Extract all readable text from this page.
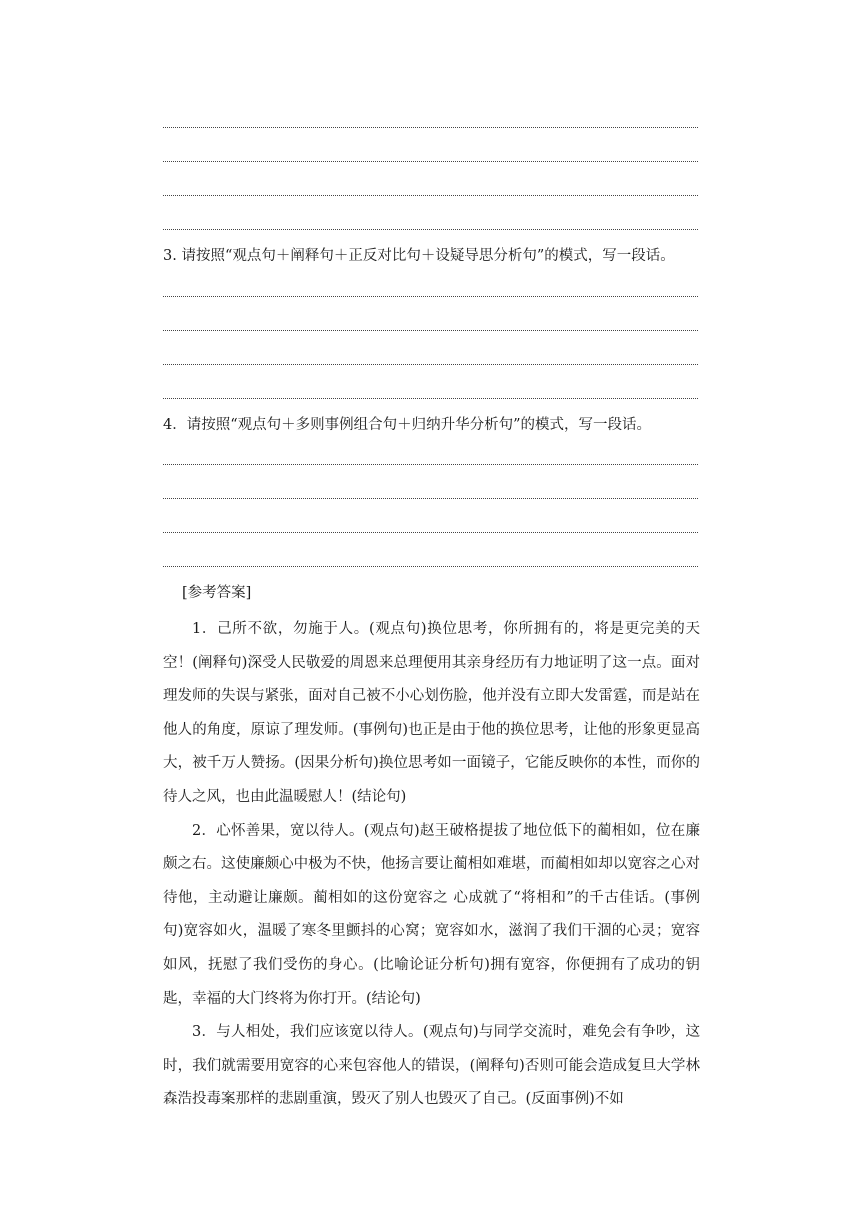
3. 请按照“观点句＋阐释句＋正反对比句＋设疑导思分析句”的模式，写一段话。
4．请按照“观点句＋多则事例组合句＋归纳升华分析句”的模式，写一段话。
[参考答案]

1．己所不欲，勿施于人。(观点句)换位思考，你所拥有的，将是更完美的天空！(阐释句)深受人民敬爱的周恩来总理便用其亲身经历有力地证明了这一点。面对理发师的失误与紧张，面对自己被不小心划伤脸，他并没有立即大发雷霆，而是站在他人的角度，原谅了理发师。(事例句)也正是由于他的换位思考，让他的形象更显高大，被千万人赞扬。(因果分析句)换位思考如一面镜子，它能反映你的本性，而你的待人之风，也由此温暖慰人！(结论句)

2．心怀善果，宽以待人。(观点句)赵王破格提拔了地位低下的蔺相如，位在廉颇之右。这使廉颇心中极为不快，他扬言要让蔺相如难堪，而蔺相如却以宽容之心对待他，主动避让廉颇。蔺相如的这份宽容之 心成就了“将相和”的千古佳话。(事例句)宽容如火，温暖了寒冬里颤抖的心窝；宽容如水，滋润了我们干涸的心灵；宽容如风，抚慰了我们受伤的身心。(比喻论证分析句)拥有宽容，你便拥有了成功的钥匙，幸福的大门终将为你打开。(结论句)

3．与人相处，我们应该宽以待人。(观点句)与同学交流时，难免会有争吵，这时，我们就需要用宽容的心来包容他人的错误，(阐释句)否则可能会造成复旦大学林森浩投毒案那样的悲剧重演，毁灭了别人也毁灭了自己。(反面事例)不如
